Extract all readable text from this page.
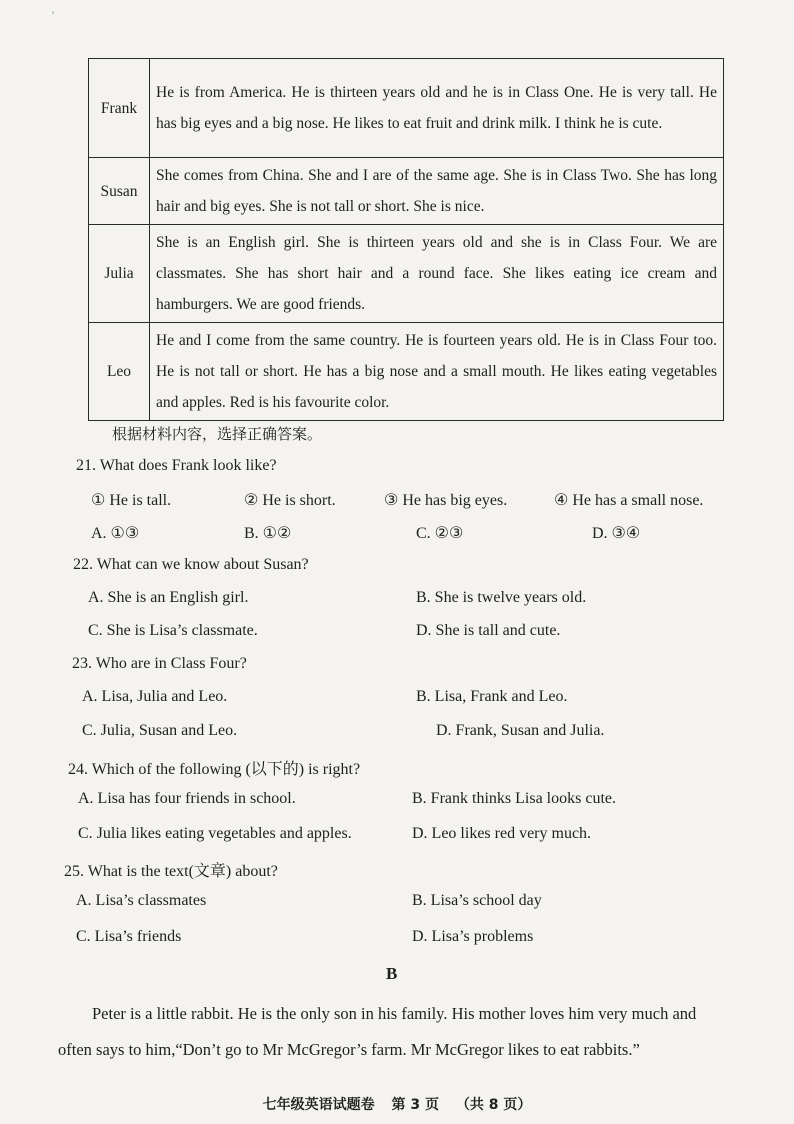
'
Frank	He is from America. He is thirteen years old and he is in Class One. He is very tall. He has big eyes and a big nose. He likes to eat fruit and drink milk. I think he is cute.
Susan	She comes from China. She and I are of the same age. She is in Class Two. She has long hair and big eyes. She is not tall or short. She is nice.
Julia	She is an English girl. She is thirteen years old and she is in Class Four. We are classmates. She has short hair and a round face. She likes eating ice cream and hamburgers. We are good friends.
Leo	He and I come from the same country. He is fourteen years old. He is in Class Four too. He is not tall or short. He has a big nose and a small mouth. He likes eating vegetables and apples. Red is his favourite color.
根据材料内容，选择正确答案。
21. What does Frank look like?
① He is tall.	② He is short.	③ He has big eyes.	④ He has a small nose.
A. ①③	B. ①②	C. ②③	D. ③④
22. What can we know about Susan?
A. She is an English girl.	B. She is twelve years old.
C. She is Lisa’s classmate.	D. She is tall and cute.
23. Who are in Class Four?
A. Lisa, Julia and Leo.	B. Lisa, Frank and Leo.
C. Julia, Susan and Leo.	D. Frank, Susan and Julia.
24. Which of the following (以下的) is right?
A. Lisa has four friends in school.	B. Frank thinks Lisa looks cute.
C. Julia likes eating vegetables and apples.	D. Leo likes red very much.
25. What is the text(文章) about?
A. Lisa’s classmates	B. Lisa’s school day
C. Lisa’s friends	D. Lisa’s problems
B
Peter is a little rabbit. He is the only son in his family. His mother loves him very much and often says to him,“Don’t go to Mr McGregor’s farm. Mr McGregor likes to eat rabbits.”
七年级英语试题卷 第 3 页 （共 8 页）
